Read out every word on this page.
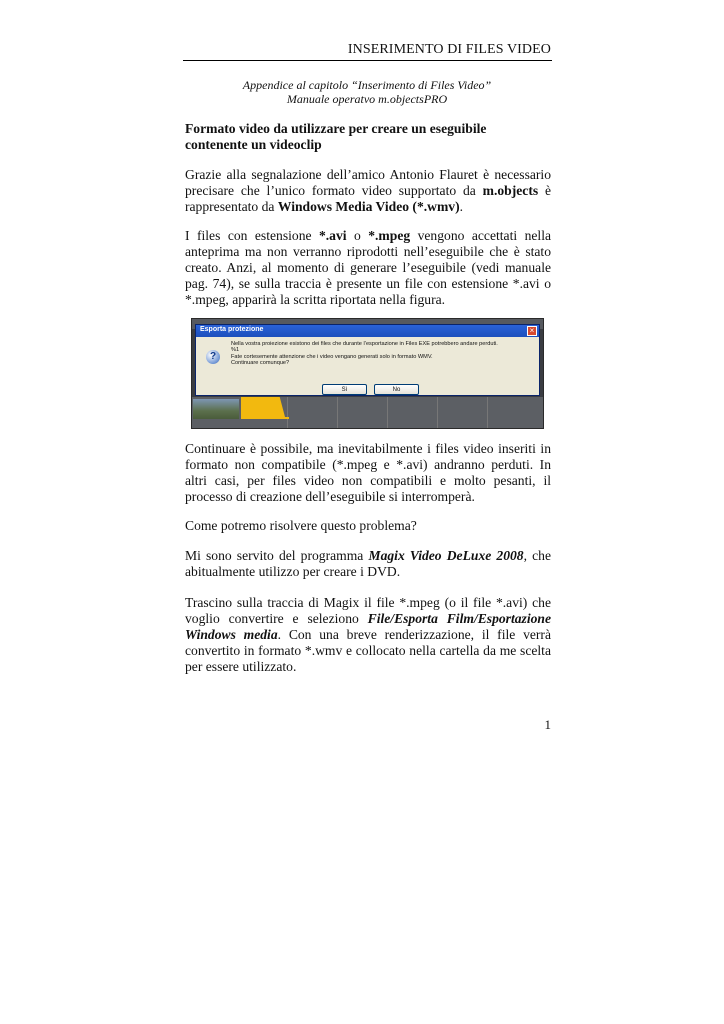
INSERIMENTO DI FILES VIDEO
Appendice al capitolo “Inserimento di Files Video”
Manuale operatvo m.objectsPRO
Formato video da utilizzare per creare un eseguibile contenente un videoclip
Grazie alla segnalazione dell’amico Antonio Flauret è necessario precisare che l’unico formato video supportato da m.objects è rappresentato da Windows Media Video (*.wmv).
I files con estensione *.avi o *.mpeg vengono accettati nella anteprima ma non verranno riprodotti nell’eseguibile che è stato creato. Anzi, al momento di generare l’eseguibile (vedi manuale pag. 74), se sulla traccia è presente un file con estensione *.avi o *.mpeg, apparirà la scritta riportata nella figura.
Esporta protezione	×
?
Nella vostra proiezione esistono dei files che durante l’esportazione in Files EXE potrebbero andare perduti.
%1
Fate cortesemente attenzione che i video vengano generati solo in formato WMV.
Continuare comunque?
Sì	No
Continuare è possibile, ma inevitabilmente i files video inseriti in formato non compatibile (*.mpeg e *.avi) andranno perduti. In altri casi, per files video non compatibili e molto pesanti, il processo di creazione dell’eseguibile si interromperà.
Come potremo risolvere questo problema?
Mi sono servito del programma Magix Video DeLuxe 2008, che abitualmente utilizzo per creare i DVD.
Trascino sulla traccia di Magix il file *.mpeg (o il file *.avi) che voglio convertire e seleziono File/Esporta Film/Esportazione Windows media. Con una breve renderizzazione, il file verrà convertito in formato *.wmv e collocato nella cartella da me scelta per essere utilizzato.
1
